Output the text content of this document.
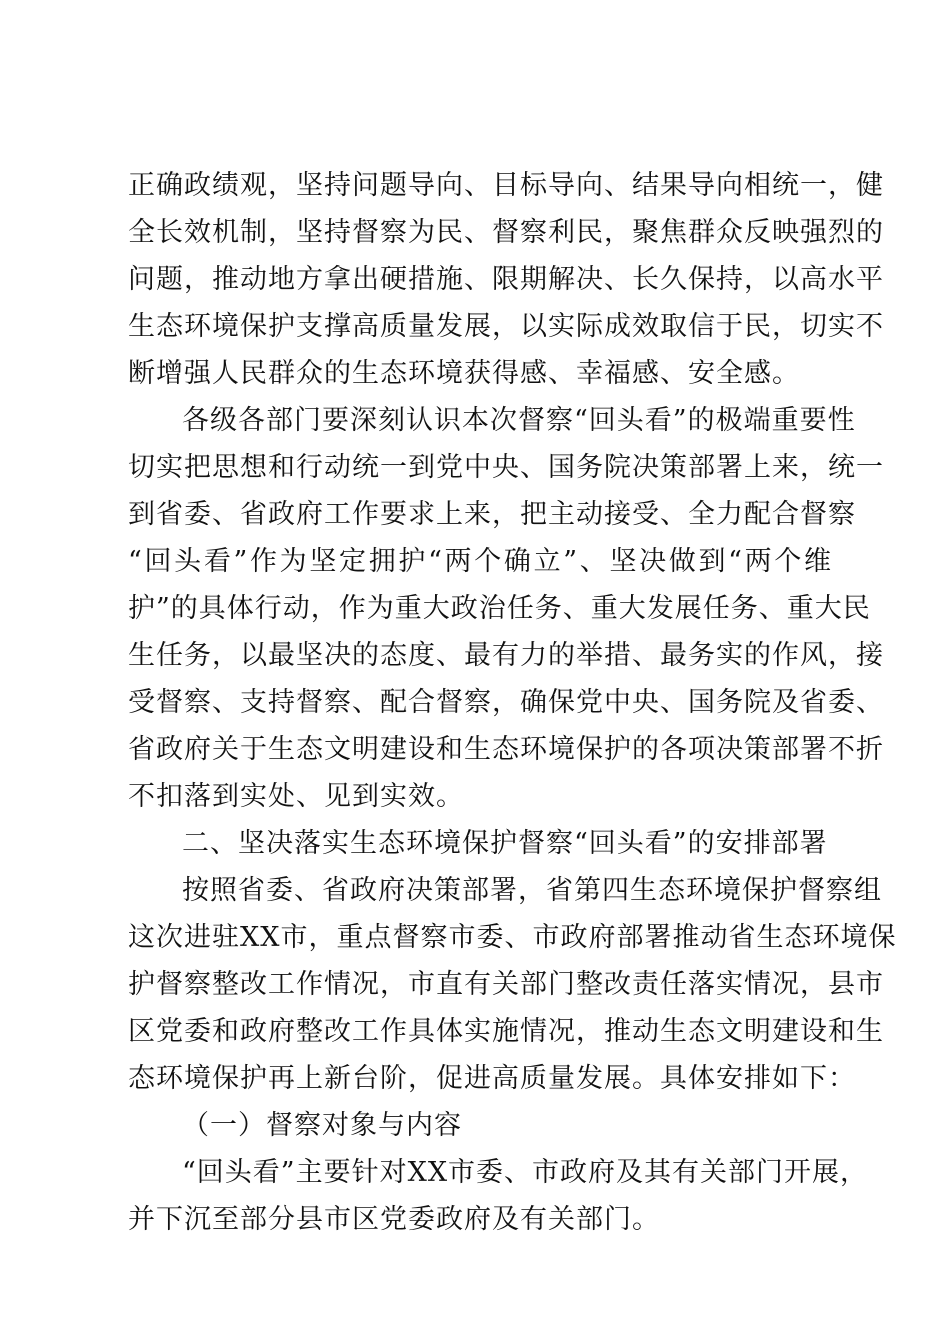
正确政绩观，坚持问题导向、目标导向、结果导向相统一，健
全长效机制，坚持督察为民、督察利民，聚焦群众反映强烈的
问题，推动地方拿出硬措施、限期解决、长久保持，以高水平
生态环境保护支撑高质量发展，以实际成效取信于民，切实不
断增强人民群众的生态环境获得感、幸福感、安全感。
各级各部门要深刻认识本次督察“回头看”的极端重要性
切实把思想和行动统一到党中央、国务院决策部署上来，统一
到省委、省政府工作要求上来，把主动接受、全力配合督察
“回头看”作为坚定拥护“两个确立”、坚决做到“两个维
护”的具体行动，作为重大政治任务、重大发展任务、重大民
生任务，以最坚决的态度、最有力的举措、最务实的作风，接
受督察、支持督察、配合督察，确保党中央、国务院及省委、
省政府关于生态文明建设和生态环境保护的各项决策部署不折
不扣落到实处、见到实效。
二、坚决落实生态环境保护督察“回头看”的安排部署
按照省委、省政府决策部署，省第四生态环境保护督察组
这次进驻XX市，重点督察市委、市政府部署推动省生态环境保
护督察整改工作情况，市直有关部门整改责任落实情况，县市
区党委和政府整改工作具体实施情况，推动生态文明建设和生
态环境保护再上新台阶，促进高质量发展。具体安排如下：
（一）督察对象与内容
“回头看”主要针对XX市委、市政府及其有关部门开展，
并下沉至部分县市区党委政府及有关部门。
